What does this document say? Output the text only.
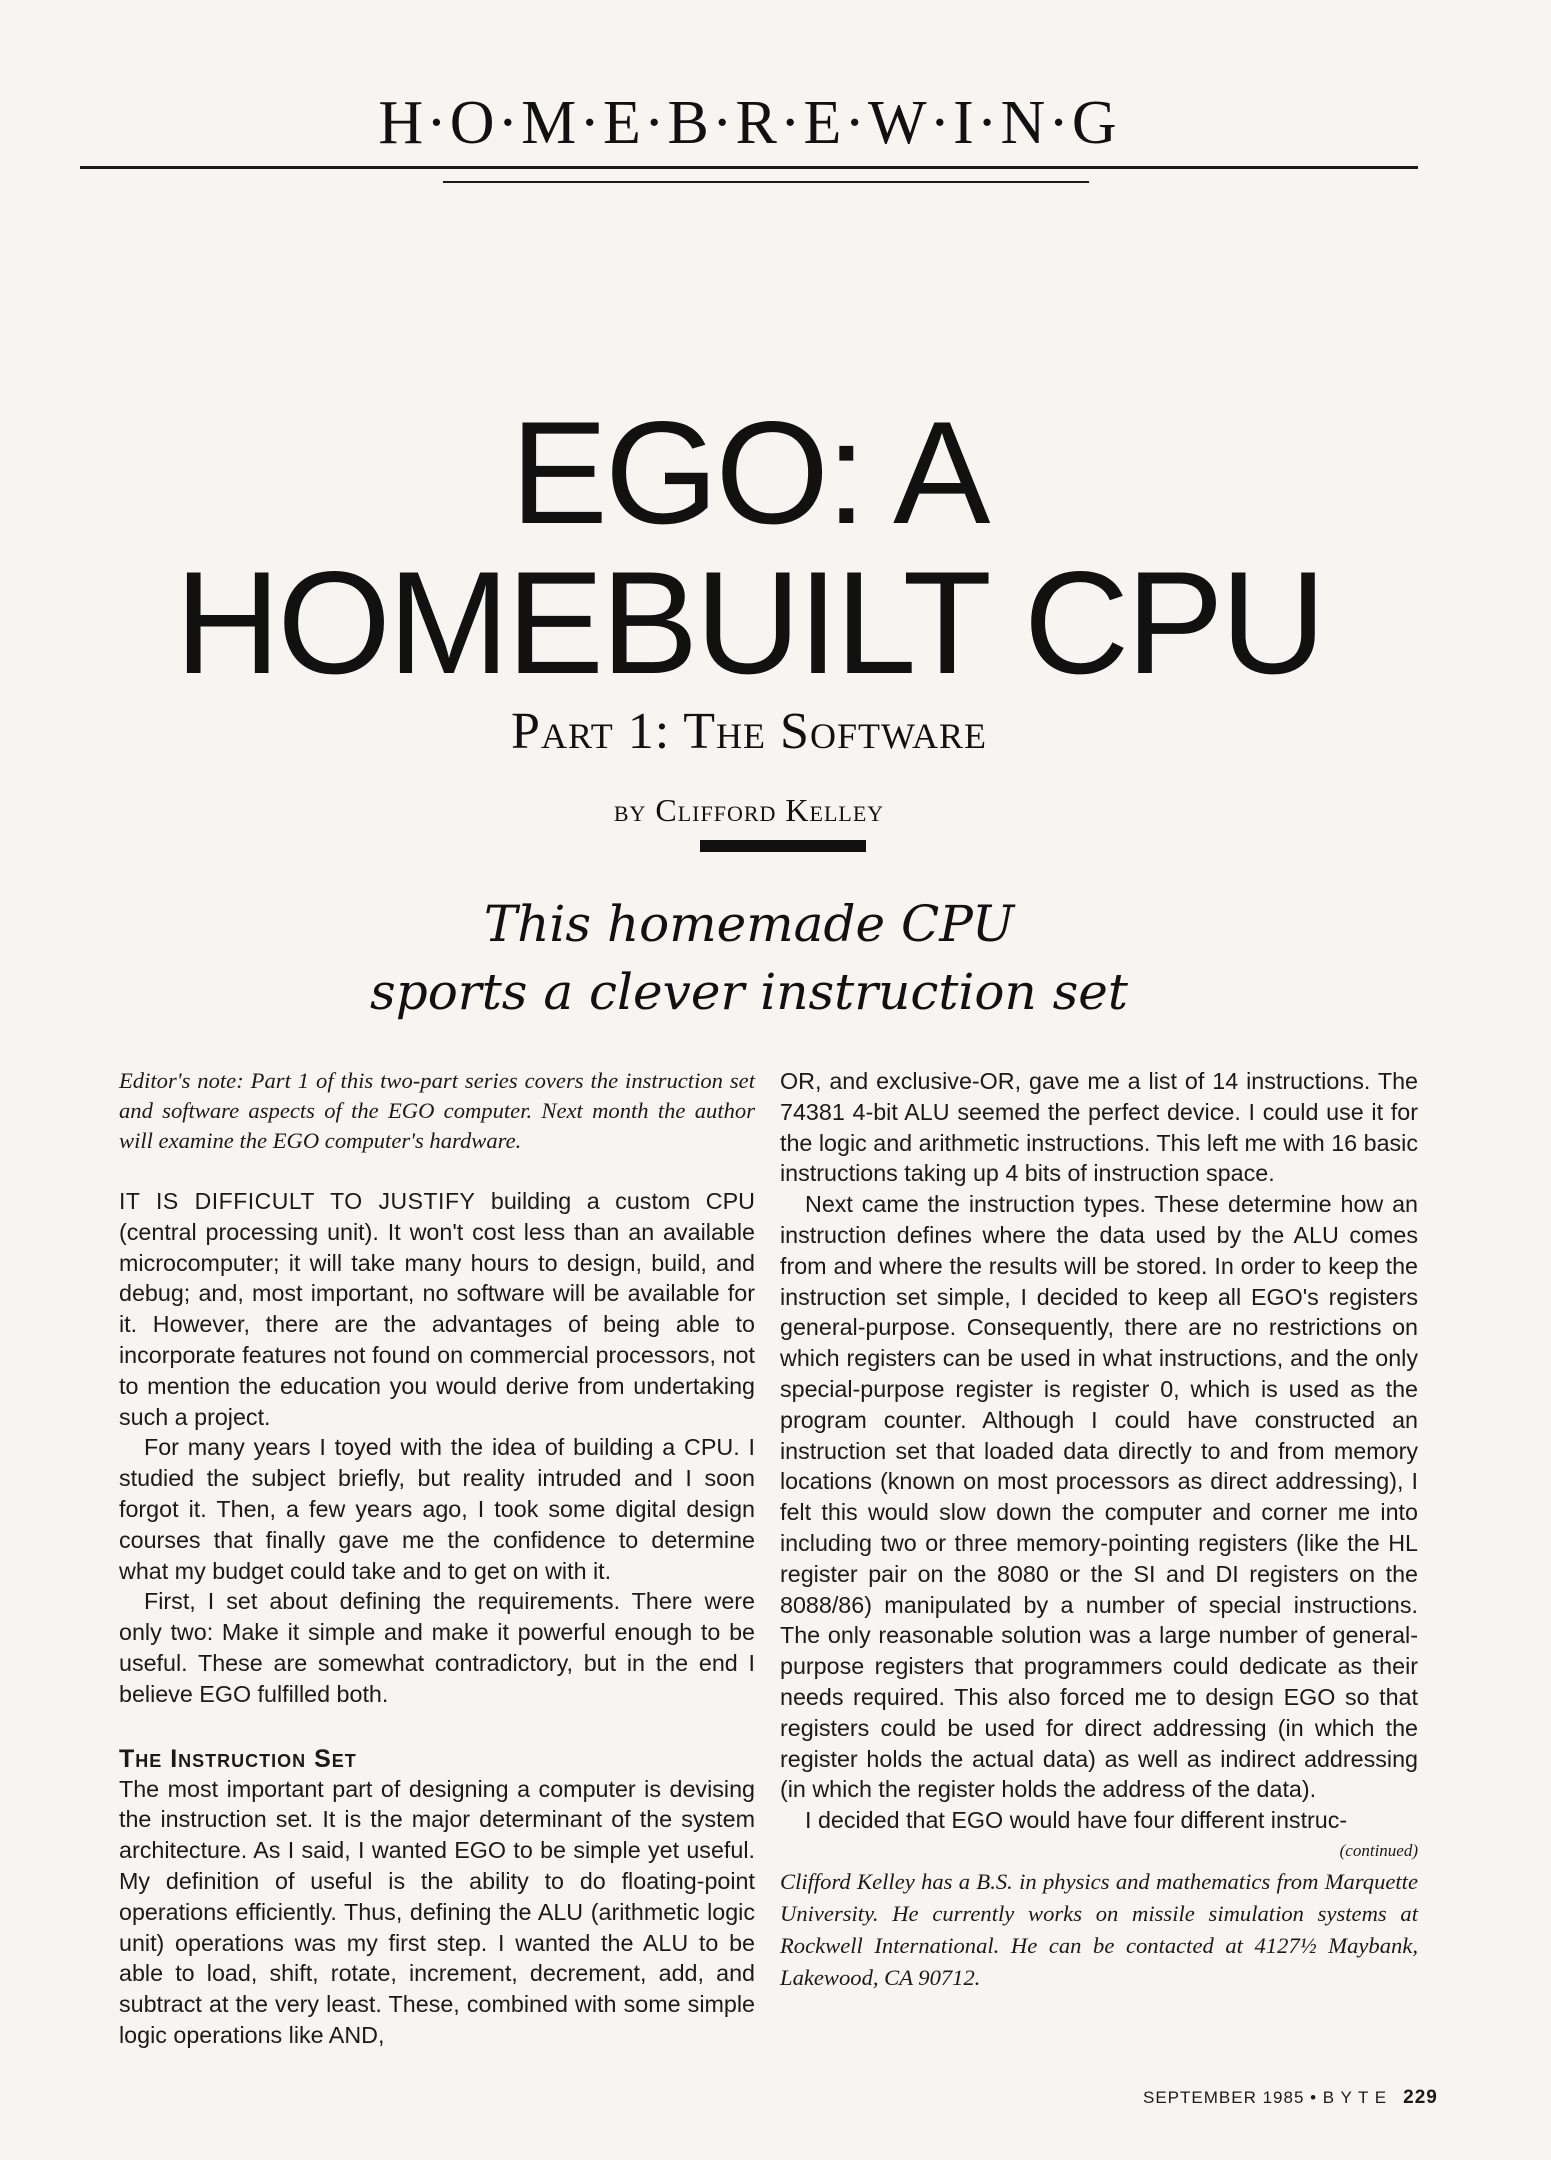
H·O·M·E·B·R·E·W·I·N·G
EGO: A
HOMEBUILT CPU
Part 1: The Software
by Clifford Kelley
This homemade CPU
sports a clever instruction set

Editor's note: Part 1 of this two-part series covers the instruction set and software aspects of the EGO computer. Next month the author will examine the EGO computer's hardware.

IT IS DIFFICULT TO JUSTIFY building a custom CPU (central processing unit). It won't cost less than an available microcomputer; it will take many hours to design, build, and debug; and, most important, no software will be available for it. However, there are the advantages of being able to incorporate features not found on commercial processors, not to mention the education you would derive from undertaking such a project.

For many years I toyed with the idea of building a CPU. I studied the subject briefly, but reality intruded and I soon forgot it. Then, a few years ago, I took some digital design courses that finally gave me the confidence to determine what my budget could take and to get on with it.

First, I set about defining the requirements. There were only two: Make it simple and make it powerful enough to be useful. These are somewhat contradictory, but in the end I believe EGO fulfilled both.

The Instruction Set

The most important part of designing a computer is devising the instruction set. It is the major determinant of the system architecture. As I said, I wanted EGO to be simple yet useful. My definition of useful is the ability to do floating-point operations efficiently. Thus, defining the ALU (arithmetic logic unit) operations was my first step. I wanted the ALU to be able to load, shift, rotate, increment, decrement, add, and subtract at the very least. These, combined with some simple logic operations like AND,

OR, and exclusive-OR, gave me a list of 14 instructions. The 74381 4-bit ALU seemed the perfect device. I could use it for the logic and arithmetic instructions. This left me with 16 basic instructions taking up 4 bits of instruction space.

Next came the instruction types. These determine how an instruction defines where the data used by the ALU comes from and where the results will be stored. In order to keep the instruction set simple, I decided to keep all EGO's registers general-purpose. Consequently, there are no restrictions on which registers can be used in what instructions, and the only special-purpose register is register 0, which is used as the program counter. Although I could have constructed an instruction set that loaded data directly to and from memory locations (known on most processors as direct addressing), I felt this would slow down the computer and corner me into including two or three memory-pointing registers (like the HL register pair on the 8080 or the SI and DI registers on the 8088/86) manipulated by a number of special instructions. The only reasonable solution was a large number of general-purpose registers that programmers could dedicate as their needs required. This also forced me to design EGO so that registers could be used for direct addressing (in which the register holds the actual data) as well as indirect addressing (in which the register holds the address of the data).

I decided that EGO would have four different instruc-

(continued)

Clifford Kelley has a B.S. in physics and mathematics from Marquette University. He currently works on missile simulation systems at Rockwell International. He can be contacted at 4127½ Maybank, Lakewood, CA 90712.

SEPTEMBER 1985 • B Y T E 229
